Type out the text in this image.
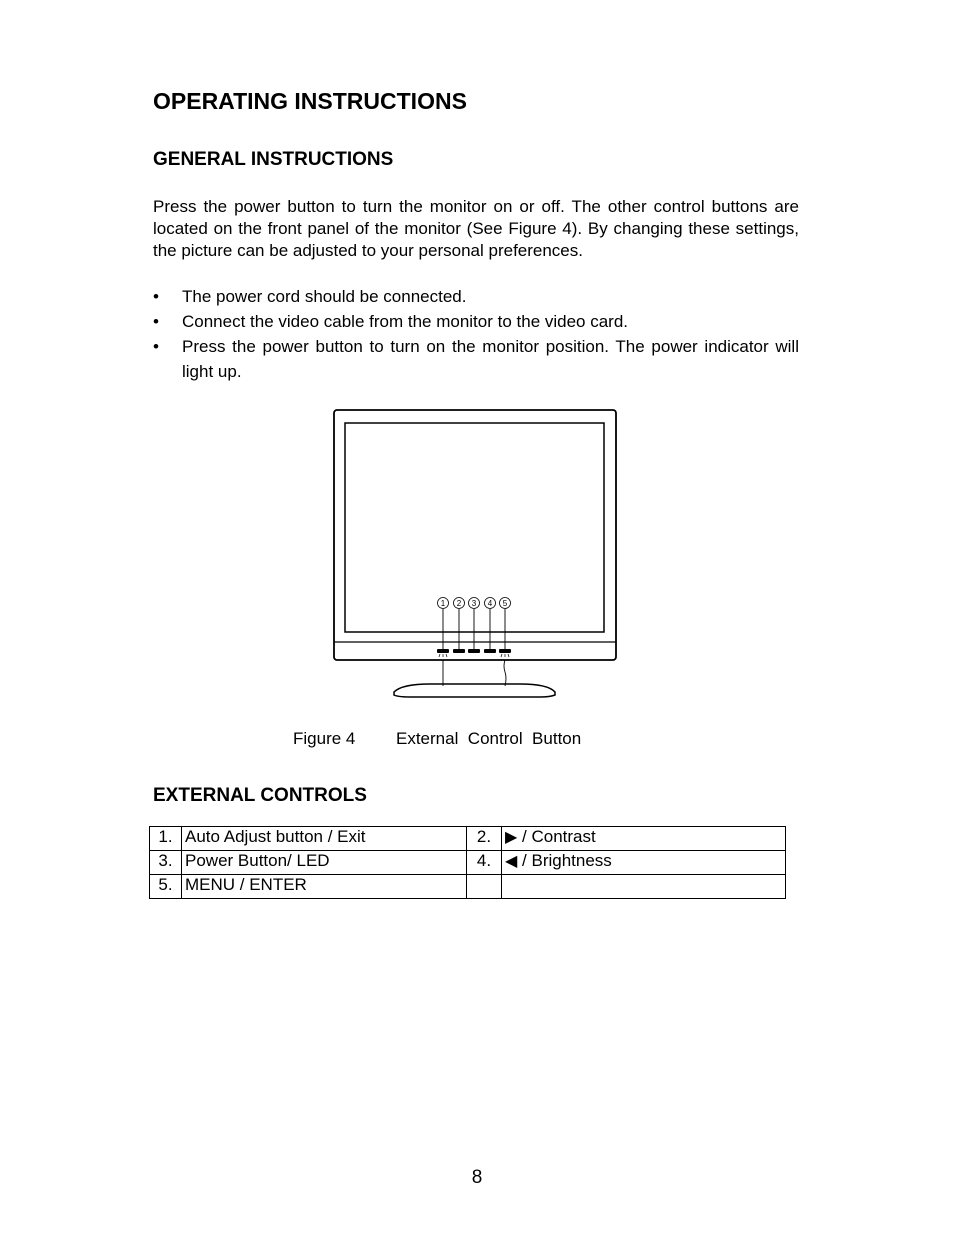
OPERATING INSTRUCTIONS
GENERAL INSTRUCTIONS

Press the power button to turn the monitor on or off. The other control buttons are located on the front panel of the monitor (See Figure 4). By changing these settings, the picture can be adjusted to your personal preferences.

• The power cord should be connected.
• Connect the video cable from the monitor to the video card.
• Press the power button to turn on the monitor position. The power indicator will light up.
1 2 3 4 5
Figure 4 External  Control  Button
EXTERNAL CONTROLS
1.	Auto Adjust button / Exit	2.	▶ / Contrast
3.	Power Button/ LED	4.	◀ / Brightness
5.	MENU / ENTER		
8
